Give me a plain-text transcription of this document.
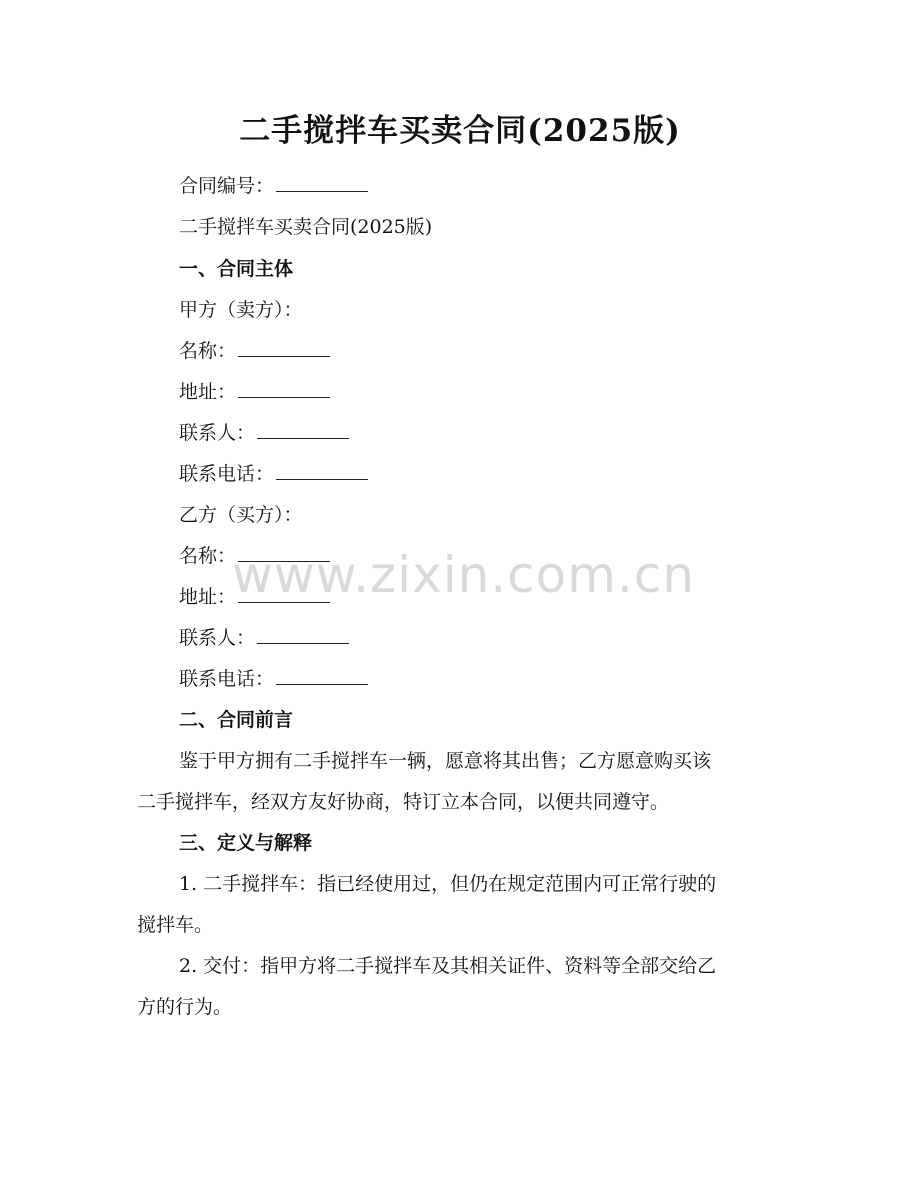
二手搅拌车买卖合同(2025版)
合同编号：
二手搅拌车买卖合同(2025版)
一、合同主体
甲方（卖方）：
名称：
地址：
联系人：
联系电话：
乙方（买方）：
名称：
地址：
联系人：
联系电话：
二、合同前言
鉴于甲方拥有二手搅拌车一辆，愿意将其出售；乙方愿意购买该
二手搅拌车，经双方友好协商，特订立本合同，以便共同遵守。
三、定义与解释
1. 二手搅拌车：指已经使用过，但仍在规定范围内可正常行驶的
搅拌车。
2. 交付：指甲方将二手搅拌车及其相关证件、资料等全部交给乙
方的行为。
www.zixin.com.cn
